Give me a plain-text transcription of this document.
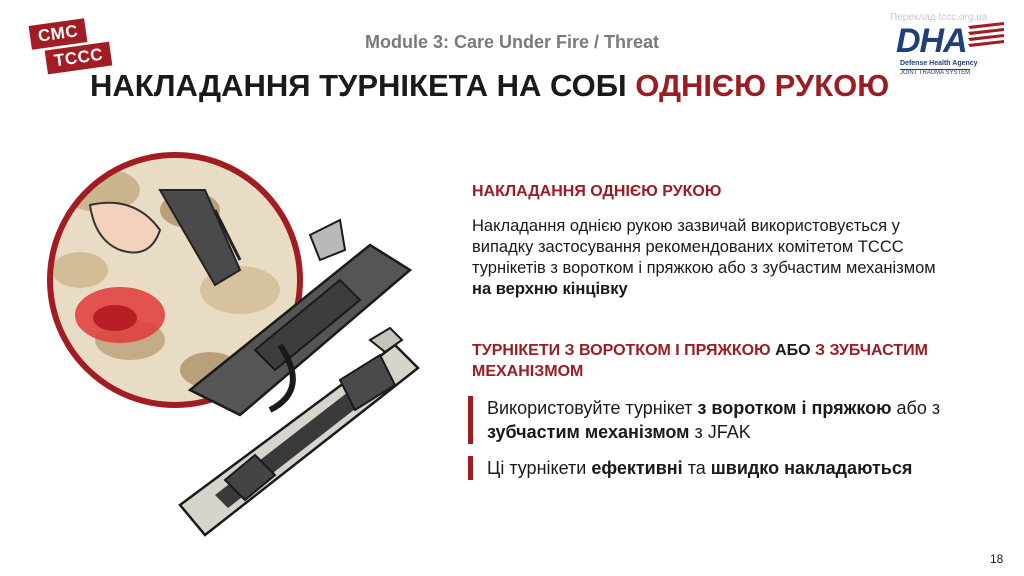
CMC
TCCC
Переклад tccc.org.ua
Module 3: Care Under Fire / Threat
НАКЛАДАННЯ ТУРНІКЕТА НА СОБІ ОДНІЄЮ РУКОЮ
DHA
Defense Health Agency
JOINT TRAUMA SYSTEM
НАКЛАДАННЯ ОДНІЄЮ РУКОЮ
Накладання однією рукою зазвичай використовується у випадку застосування рекомендованих комітетом TCCC турнікетів з воротком і пряжкою або з зубчастим механізмом на верхню кінцівку
ТУРНІКЕТИ З ВОРОТКОМ І ПРЯЖКОЮ АБО З ЗУБЧАСТИМ МЕХАНІЗМОМ
Використовуйте турнікет з воротком і пряжкою або з зубчастим механізмом з JFAK
Ці турнікети ефективні та швидко накладаються
18
